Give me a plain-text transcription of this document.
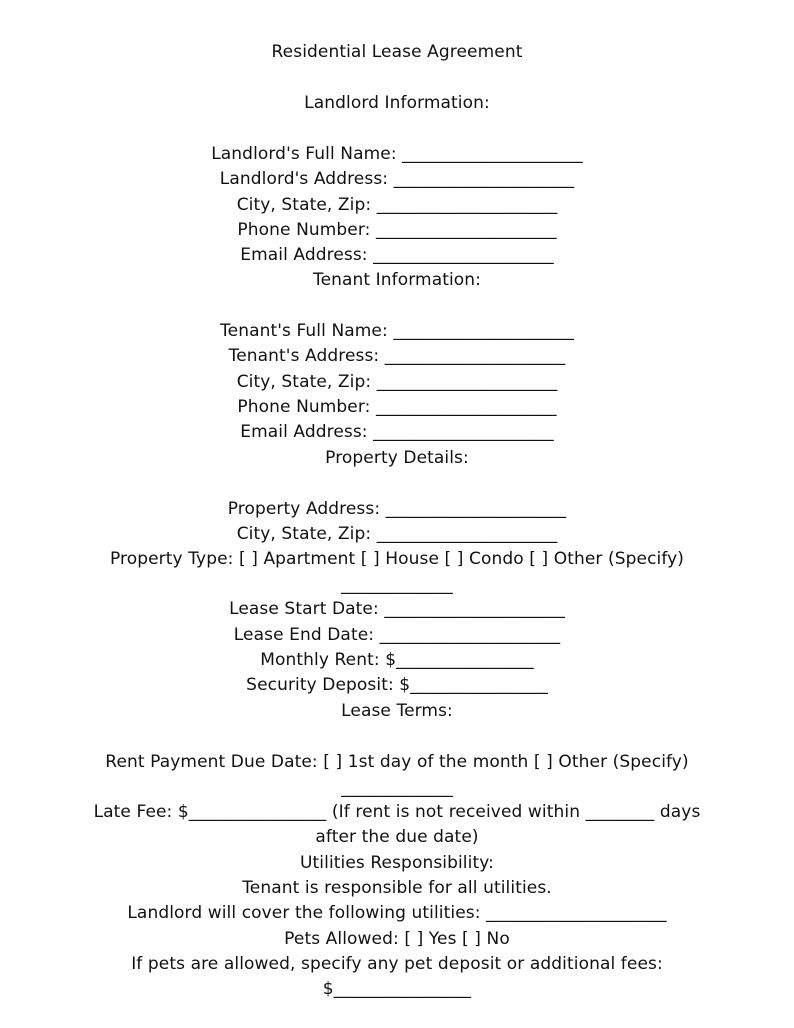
Residential Lease Agreement
Landlord Information:
Landlord's Full Name: _____________________
Landlord's Address: _____________________
City, State, Zip: _____________________
Phone Number: _____________________
Email Address: _____________________
Tenant Information:
Tenant's Full Name: _____________________
Tenant's Address: _____________________
City, State, Zip: _____________________
Phone Number: _____________________
Email Address: _____________________
Property Details:
Property Address: _____________________
City, State, Zip: _____________________
Property Type: [ ] Apartment [ ] House [ ] Condo [ ] Other (Specify)
_____________
Lease Start Date: _____________________
Lease End Date: _____________________
Monthly Rent: $________________
Security Deposit: $________________
Lease Terms:
Rent Payment Due Date: [ ] 1st day of the month [ ] Other (Specify)
_____________
Late Fee: $________________ (If rent is not received within ________ days
after the due date)
Utilities Responsibility:
Tenant is responsible for all utilities.
Landlord will cover the following utilities: _____________________
Pets Allowed: [ ] Yes [ ] No
If pets are allowed, specify any pet deposit or additional fees:
$________________
